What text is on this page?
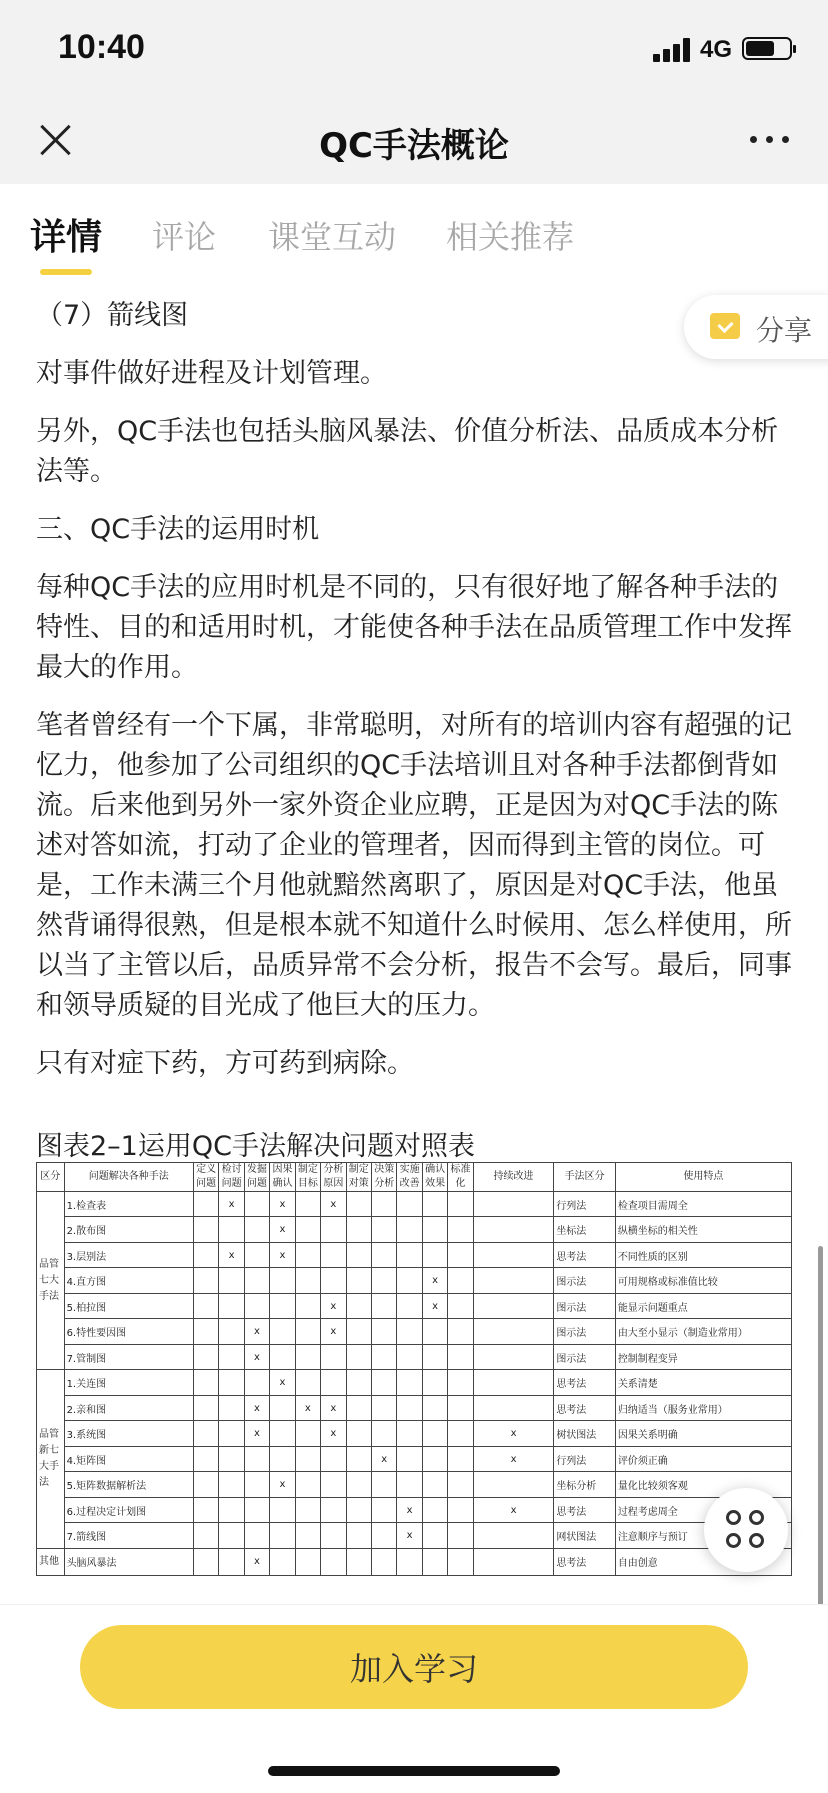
10:40	4G
QC手法概论
详情 评论 课堂互动 相关推荐

（7）箭线图

对事件做好进程及计划管理。

另外，QC手法也包括头脑风暴法、价值分析法、品质成本分析法等。

三、QC手法的运用时机

每种QC手法的应用时机是不同的，只有很好地了解各种手法的特性、目的和适用时机，才能使各种手法在品质管理工作中发挥最大的作用。

笔者曾经有一个下属，非常聪明，对所有的培训内容有超强的记忆力，他参加了公司组织的QC手法培训且对各种手法都倒背如流。后来他到另外一家外资企业应聘，正是因为对QC手法的陈述对答如流，打动了企业的管理者，因而得到主管的岗位。可是，工作未满三个月他就黯然离职了，原因是对QC手法，他虽然背诵得很熟，但是根本就不知道什么时候用、怎么样使用，所以当了主管以后，品质异常不会分析，报告不会写。最后，同事和领导质疑的目光成了他巨大的压力。

只有对症下药，方可药到病除。

分享
图表2–1运用QC手法解决问题对照表
区分	问题解决各种手法	定义问题	检讨问题	发掘问题	因果确认	制定目标	分析原因	制定对策	决策分析	实施改善	确认效果	标准化	持续改进	手法区分	使用特点
品管七大手法	1.检查表		x		x		x							行列法	检查项目需周全
	2.散布图				x									坐标法	纵横坐标的相关性
	3.层别法		x		x									思考法	不同性质的区别
	4.直方图										x			图示法	可用规格或标准值比较
	5.柏拉图						x				x			图示法	能显示问题重点
	6.特性要因图			x			x							图示法	由大至小显示（制造业常用）
	7.管制图			x										图示法	控制制程变异
品管新七大手法	1.关连图				x									思考法	关系清楚
	2.亲和图			x		x	x							思考法	归纳适当（服务业常用）
	3.系统图			x			x						x	树状图法	因果关系明确
	4.矩阵图								x				x	行列法	评价须正确
	5.矩阵数据解析法				x									坐标分析	量化比较须客观
	6.过程决定计划图									x			x	思考法	过程考虑周全
	7.箭线图									x				网状图法	注意顺序与预订
其他	头脑风暴法			x										思考法	自由创意
加入学习
